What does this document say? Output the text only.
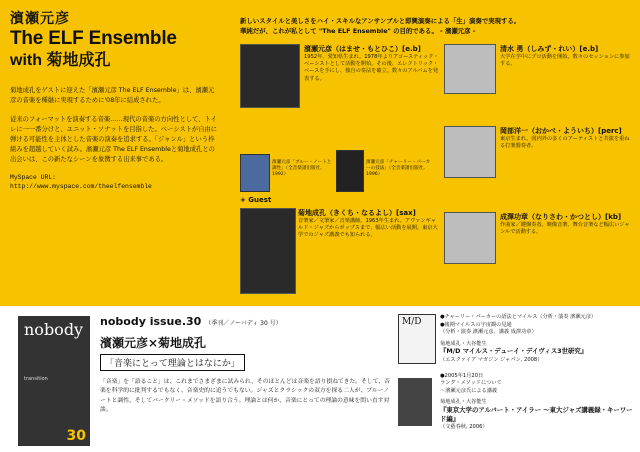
濱瀬元彦
The ELF Ensemble
with 菊地成孔
菊地成孔をゲストに迎えた「濱瀬元彦 The ELF Ensemble」は、濱瀬元彦の音楽を種継に実現するために'08年に結成された。
従来のフォーマットを演奏する音楽……現代の音楽の方向性として、トイレに一一番分けと、ユニット・ソナットを目指した。ベーシストが自由に弾ける可能性を主体とした音楽の演奏を追求する。「ジャンル」という枠組みを超越していく試み。濱瀬元彦 The ELF Ensembleと菊地成孔との出会いは、この新たなシーンを象徴する出来事である。
MySpace URL:
http://www.myspace.com/theelfensemble
新しいスタイルと美しさをハイ・スキルなアンサンブルと即興演奏による「生」演奏で実現する。
華純だが、これが私として "The ELF Ensemble" の目的である。 - 濱瀬元彦 -
濱瀬元彦（はませ・もとひこ）[e.b]
1952年、愛知県生まれ。1978年よりアコースティック・ベーシストとして活動を開始。その後、エレクトリック・ベースを手にし、独自の奏法を確立。数々のアルバムを発表する。
濱瀬元彦「ブルー・ノートと調性」（全音楽譜出版社, 1992）
濱瀬元彦「チャーリー・パーカーの技法」（全音楽譜出版社, 1996）
+ Guest
菊地成孔（きくち・なるよし）[sax]
音楽家／文筆家／音楽講師。1963年生まれ。アヴァンギャルド・ジャズからポップスまで、幅広い活動を展開。東京大学でのジャズ講義でも知られる。
清水 勇（しみず・れい）[e.b]
大学在学中にプロ活動を開始。数々のセッションに参加する。
岡部洋一（おかべ・よういち）[perc]
東京生まれ。国内外の多くのアーティストと共演を重ねる打楽器奏者。
成澤功章（なりさわ・かつとし）[kb]
作曲家／鍵盤奏者。映像音楽、舞台音楽など幅広いジャンルで活動する。
nobody
transition
30
nobody issue.30 （季刊／ノーバディ 30 号）
濱瀬元彦×菊地成孔
「音楽にとって理論とはなにか」
「音楽」を「語ること」は、これまでさまざまに試みられ、そのほとんどは音楽を語り損ねてきた。そして、音楽を科学的に批判するでもなく、音楽史的に追うでもない。ジャズとクラシックの双方を探る二人が、ブルーノートと調性、そしてバークリー・メソッドを語り合う。理論とは何か、音楽にとっての理論の意味を問い直す対談。
M/D	●チャーリー・パーカーの語法とマイルス（分析・演奏 濱瀬元彦）
●後期マイルスの宇宙観の見通
（分析・演奏 濱瀬元彦、講義 成澤功章）
菊地成孔・大谷能生
『M/D マイルス・デューイ・デイヴィス3世研究』
（エスクァイア マガジン ジャパン, 2008）
●2005年1月20日
ラング・メソッドについて
～濱瀬元彦氏による講義
菊地成孔・大谷能生
『東京大学のアルバート・アイラー ～東大ジャズ講義録・キーワード編』
（文藝春秋, 2006）
